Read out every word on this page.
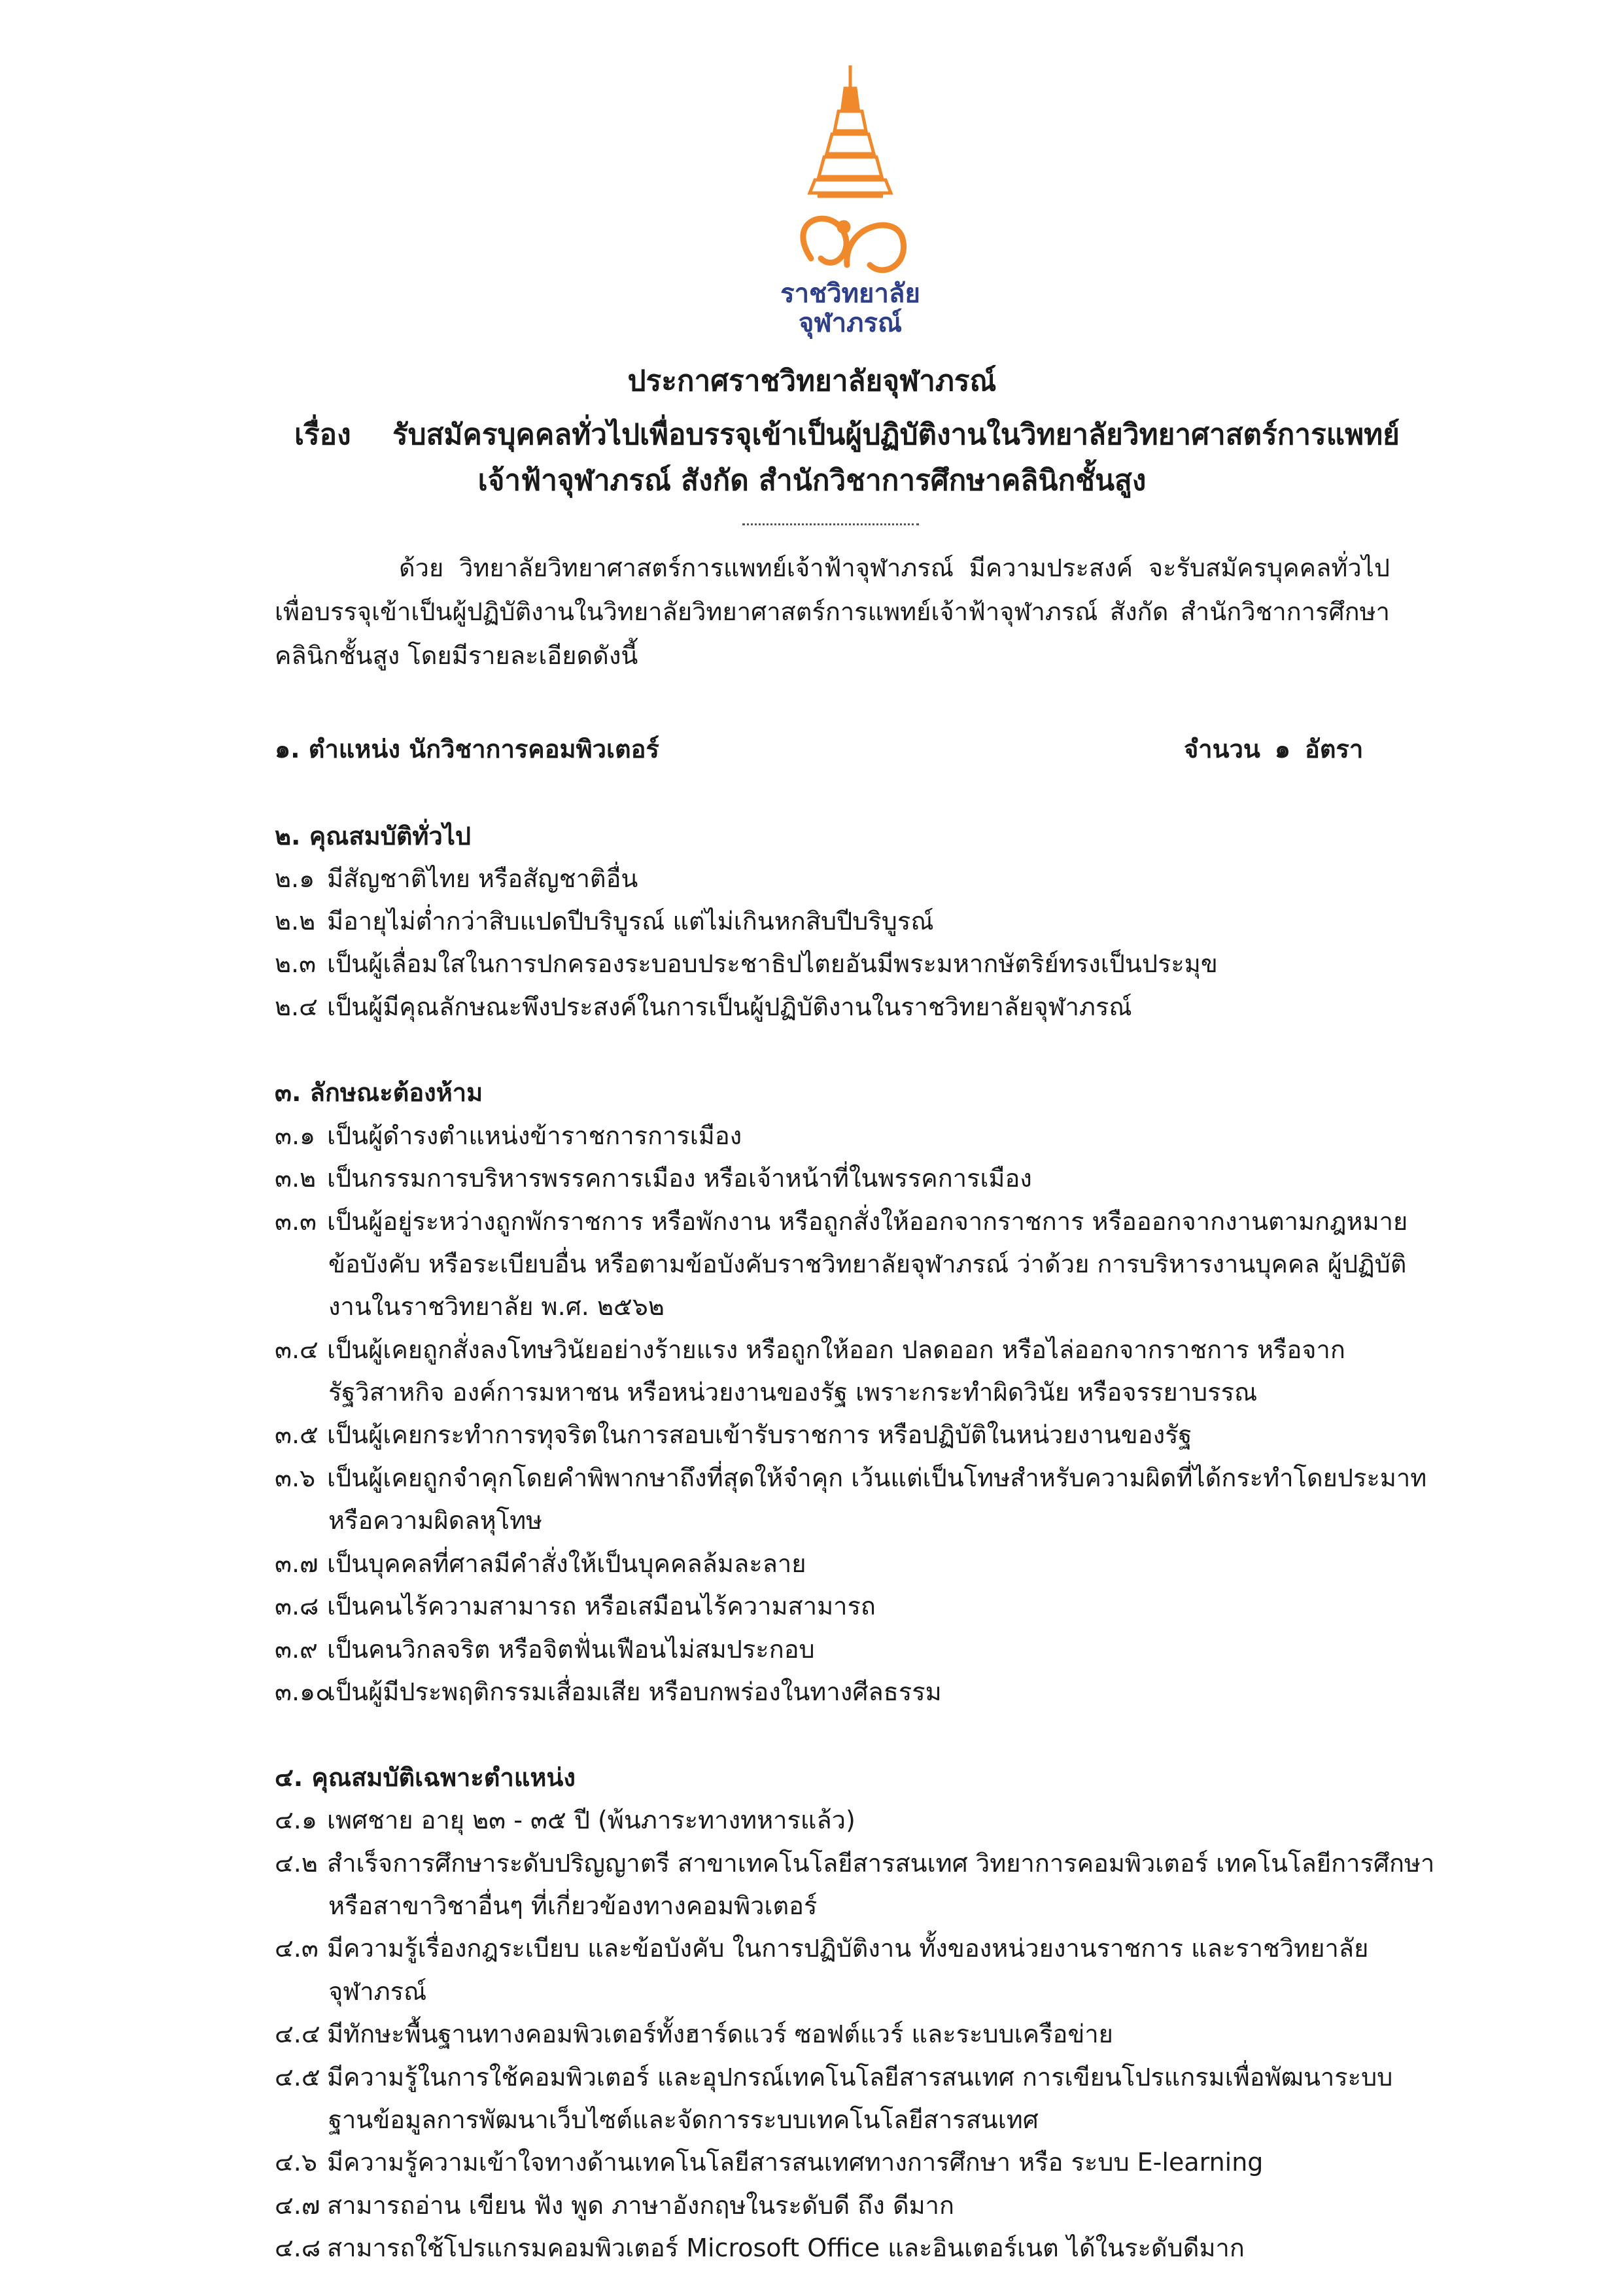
ราชวิทยาลัย
จุฬาภรณ์
ประกาศราชวิทยาลัยจุฬาภรณ์
เรื่อง รับสมัครบุคคลทั่วไปเพื่อบรรจุเข้าเป็นผู้ปฏิบัติงานในวิทยาลัยวิทยาศาสตร์การแพทย์
เจ้าฟ้าจุฬาภรณ์ สังกัด สำนักวิชาการศึกษาคลินิกชั้นสูง
ด้วย วิทยาลัยวิทยาศาสตร์การแพทย์เจ้าฟ้าจุฬาภรณ์ มีความประสงค์ จะรับสมัครบุคคลทั่วไปเพื่อบรรจุเข้าเป็นผู้ปฏิบัติงานในวิทยาลัยวิทยาศาสตร์การแพทย์เจ้าฟ้าจุฬาภรณ์ สังกัด สำนักวิชาการศึกษาคลินิกชั้นสูง โดยมีรายละเอียดดังนี้
๑. ตำแหน่ง นักวิชาการคอมพิวเตอร์	จำนวน ๑ อัตรา
๒. คุณสมบัติทั่วไป
๒.๑ มีสัญชาติไทย หรือสัญชาติอื่น
๒.๒ มีอายุไม่ต่ำกว่าสิบแปดปีบริบูรณ์ แต่ไม่เกินหกสิบปีบริบูรณ์
๒.๓ เป็นผู้เลื่อมใสในการปกครองระบอบประชาธิปไตยอันมีพระมหากษัตริย์ทรงเป็นประมุข
๒.๔ เป็นผู้มีคุณลักษณะพึงประสงค์ในการเป็นผู้ปฏิบัติงานในราชวิทยาลัยจุฬาภรณ์
๓. ลักษณะต้องห้าม
๓.๑ เป็นผู้ดำรงตำแหน่งข้าราชการการเมือง
๓.๒ เป็นกรรมการบริหารพรรคการเมือง หรือเจ้าหน้าที่ในพรรคการเมือง
๓.๓ เป็นผู้อยู่ระหว่างถูกพักราชการ หรือพักงาน หรือถูกสั่งให้ออกจากราชการ หรือออกจากงานตามกฎหมาย
ข้อบังคับ หรือระเบียบอื่น หรือตามข้อบังคับราชวิทยาลัยจุฬาภรณ์ ว่าด้วย การบริหารงานบุคคล ผู้ปฏิบัติ
งานในราชวิทยาลัย พ.ศ. ๒๕๖๒
๓.๔ เป็นผู้เคยถูกสั่งลงโทษวินัยอย่างร้ายแรง หรือถูกให้ออก ปลดออก หรือไล่ออกจากราชการ หรือจาก
รัฐวิสาหกิจ องค์การมหาชน หรือหน่วยงานของรัฐ เพราะกระทำผิดวินัย หรือจรรยาบรรณ
๓.๕ เป็นผู้เคยกระทำการทุจริตในการสอบเข้ารับราชการ หรือปฏิบัติในหน่วยงานของรัฐ
๓.๖ เป็นผู้เคยถูกจำคุกโดยคำพิพากษาถึงที่สุดให้จำคุก เว้นแต่เป็นโทษสำหรับความผิดที่ได้กระทำโดยประมาท
หรือความผิดลหุโทษ
๓.๗ เป็นบุคคลที่ศาลมีคำสั่งให้เป็นบุคคลล้มละลาย
๓.๘ เป็นคนไร้ความสามารถ หรือเสมือนไร้ความสามารถ
๓.๙ เป็นคนวิกลจริต หรือจิตฟั่นเฟือนไม่สมประกอบ
๓.๑๐เป็นผู้มีประพฤติกรรมเสื่อมเสีย หรือบกพร่องในทางศีลธรรม
๔. คุณสมบัติเฉพาะตำแหน่ง
๔.๑ เพศชาย อายุ ๒๓ - ๓๕ ปี (พ้นภาระทางทหารแล้ว)
๔.๒ สำเร็จการศึกษาระดับปริญญาตรี สาขาเทคโนโลยีสารสนเทศ วิทยาการคอมพิวเตอร์ เทคโนโลยีการศึกษา
หรือสาขาวิชาอื่นๆ ที่เกี่ยวข้องทางคอมพิวเตอร์
๔.๓ มีความรู้เรื่องกฎระเบียบ และข้อบังคับ ในการปฏิบัติงาน ทั้งของหน่วยงานราชการ และราชวิทยาลัย
จุฬาภรณ์
๔.๔ มีทักษะพื้นฐานทางคอมพิวเตอร์ทั้งฮาร์ดแวร์ ซอฟต์แวร์ และระบบเครือข่าย
๔.๕ มีความรู้ในการใช้คอมพิวเตอร์ และอุปกรณ์เทคโนโลยีสารสนเทศ การเขียนโปรแกรมเพื่อพัฒนาระบบ
ฐานข้อมูลการพัฒนาเว็บไซต์และจัดการระบบเทคโนโลยีสารสนเทศ
๔.๖ มีความรู้ความเข้าใจทางด้านเทคโนโลยีสารสนเทศทางการศึกษา หรือ ระบบ E-learning
๔.๗ สามารถอ่าน เขียน ฟัง พูด ภาษาอังกฤษในระดับดี ถึง ดีมาก
๔.๘ สามารถใช้โปรแกรมคอมพิวเตอร์ Microsoft Office และอินเตอร์เนต ได้ในระดับดีมาก
